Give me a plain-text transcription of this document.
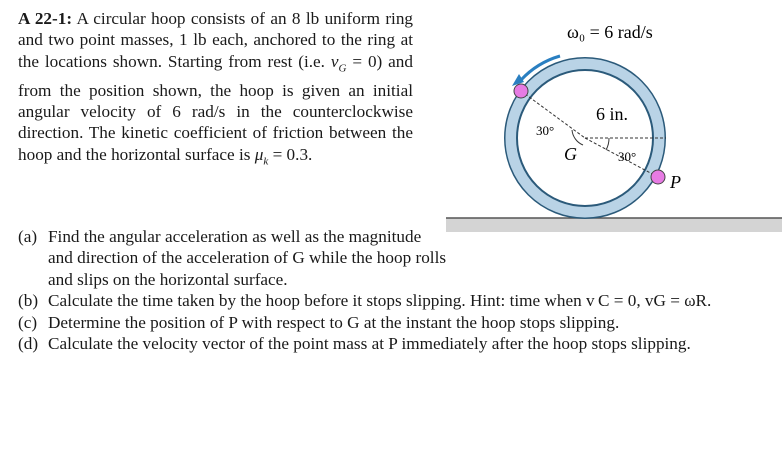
A 22-1: A circular hoop consists of an 8 lb uniform ring and two point masses, 1 lb each, anchored to the ring at the locations shown. Starting from rest (i.e. $v_G = 0$) and from the position shown, the hoop is given an initial angular velocity of 6 rad/s in the counterclockwise direction. The kinetic coefficient of friction between the hoop and the horizontal surface is $\mu_k = 0.3$.
ω₀ = 6 rad/s
6 in.
30°
30°
G
P
(a) Find the angular acceleration as well as the magnitude and direction of the acceleration of G while the hoop rolls and slips on the horizontal surface.
(b) Calculate the time taken by the hoop before it stops slipping. Hint: time when v C = 0, vG = ωR.
(c) Determine the position of P with respect to G at the instant the hoop stops slipping.
(d) Calculate the velocity vector of the point mass at P immediately after the hoop stops slipping.
